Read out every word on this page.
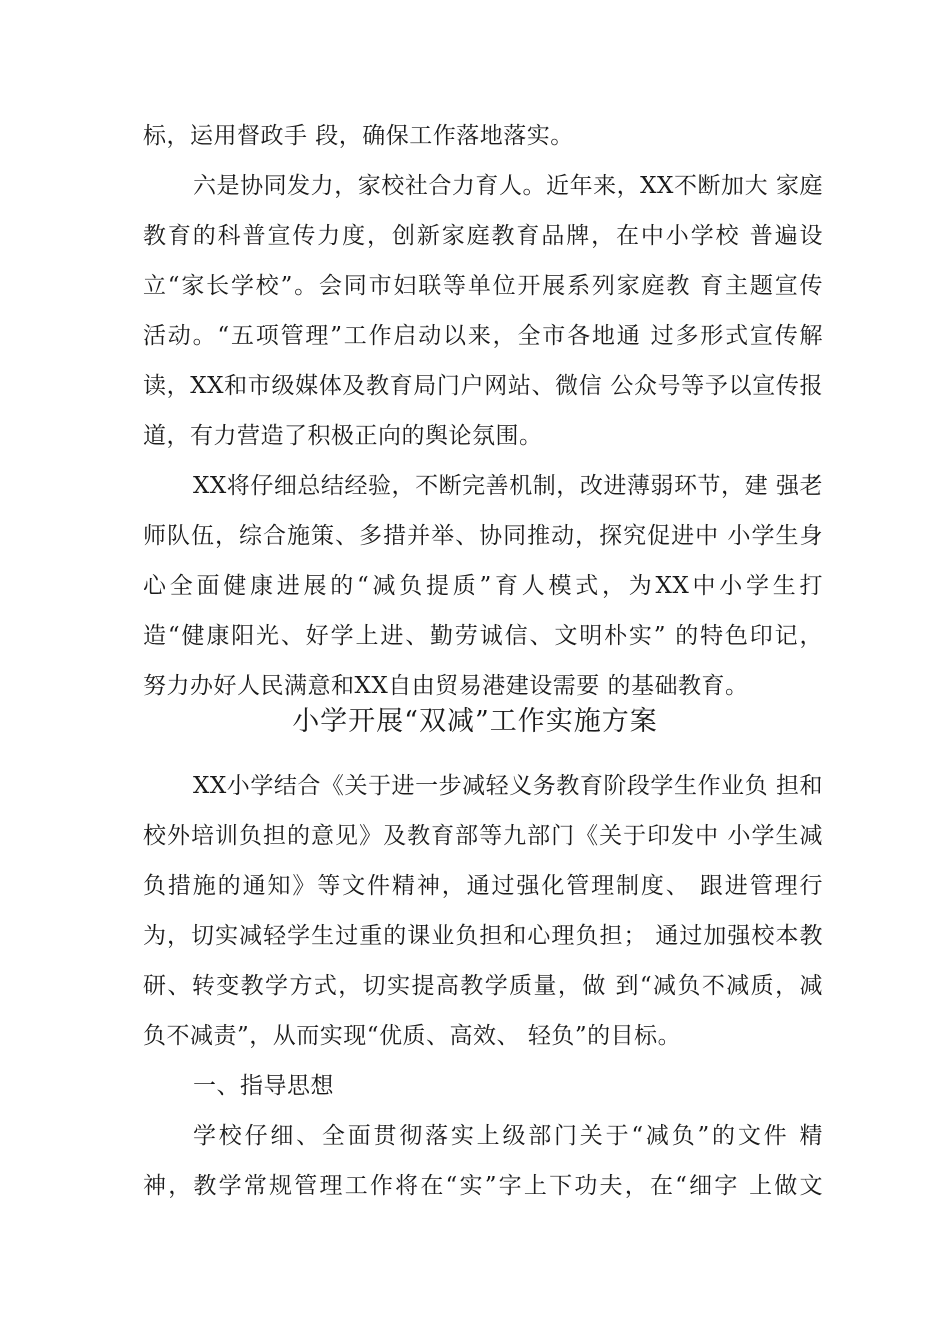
标，运用督政手 段，确保工作落地落实。
六是协同发力，家校社合力育人。近年来，XX不断加大 家庭
教育的科普宣传力度，创新家庭教育品牌，在中小学校 普遍设
立“家长学校”。会同市妇联等单位开展系列家庭教 育主题宣传
活动。“五项管理”工作启动以来，全市各地通 过多形式宣传解
读，XX和市级媒体及教育局门户网站、微信 公众号等予以宣传报
道，有力营造了积极正向的舆论氛围。
XX将仔细总结经验，不断完善机制，改进薄弱环节，建 强老
师队伍，综合施策、多措并举、协同推动，探究促进中 小学生身
心全面健康进展的“减负提质”育人模式，为XX中小学生打
造“健康阳光、好学上进、勤劳诚信、文明朴实” 的特色印记，
努力办好人民满意和XX自由贸易港建设需要 的基础教育。
小学开展“双减”工作实施方案
XX小学结合《关于进一步减轻义务教育阶段学生作业负 担和
校外培训负担的意见》及教育部等九部门《关于印发中 小学生减
负措施的通知》等文件精神，通过强化管理制度、 跟进管理行
为，切实减轻学生过重的课业负担和心理负担； 通过加强校本教
研、转变教学方式，切实提高教学质量，做 到“减负不减质，减
负不减责”，从而实现“优质、高效、 轻负”的目标。
一、指导思想
学校仔细、全面贯彻落实上级部门关于“减负”的文件 精
神，教学常规管理工作将在“实”字上下功夫，在“细字 上做文
